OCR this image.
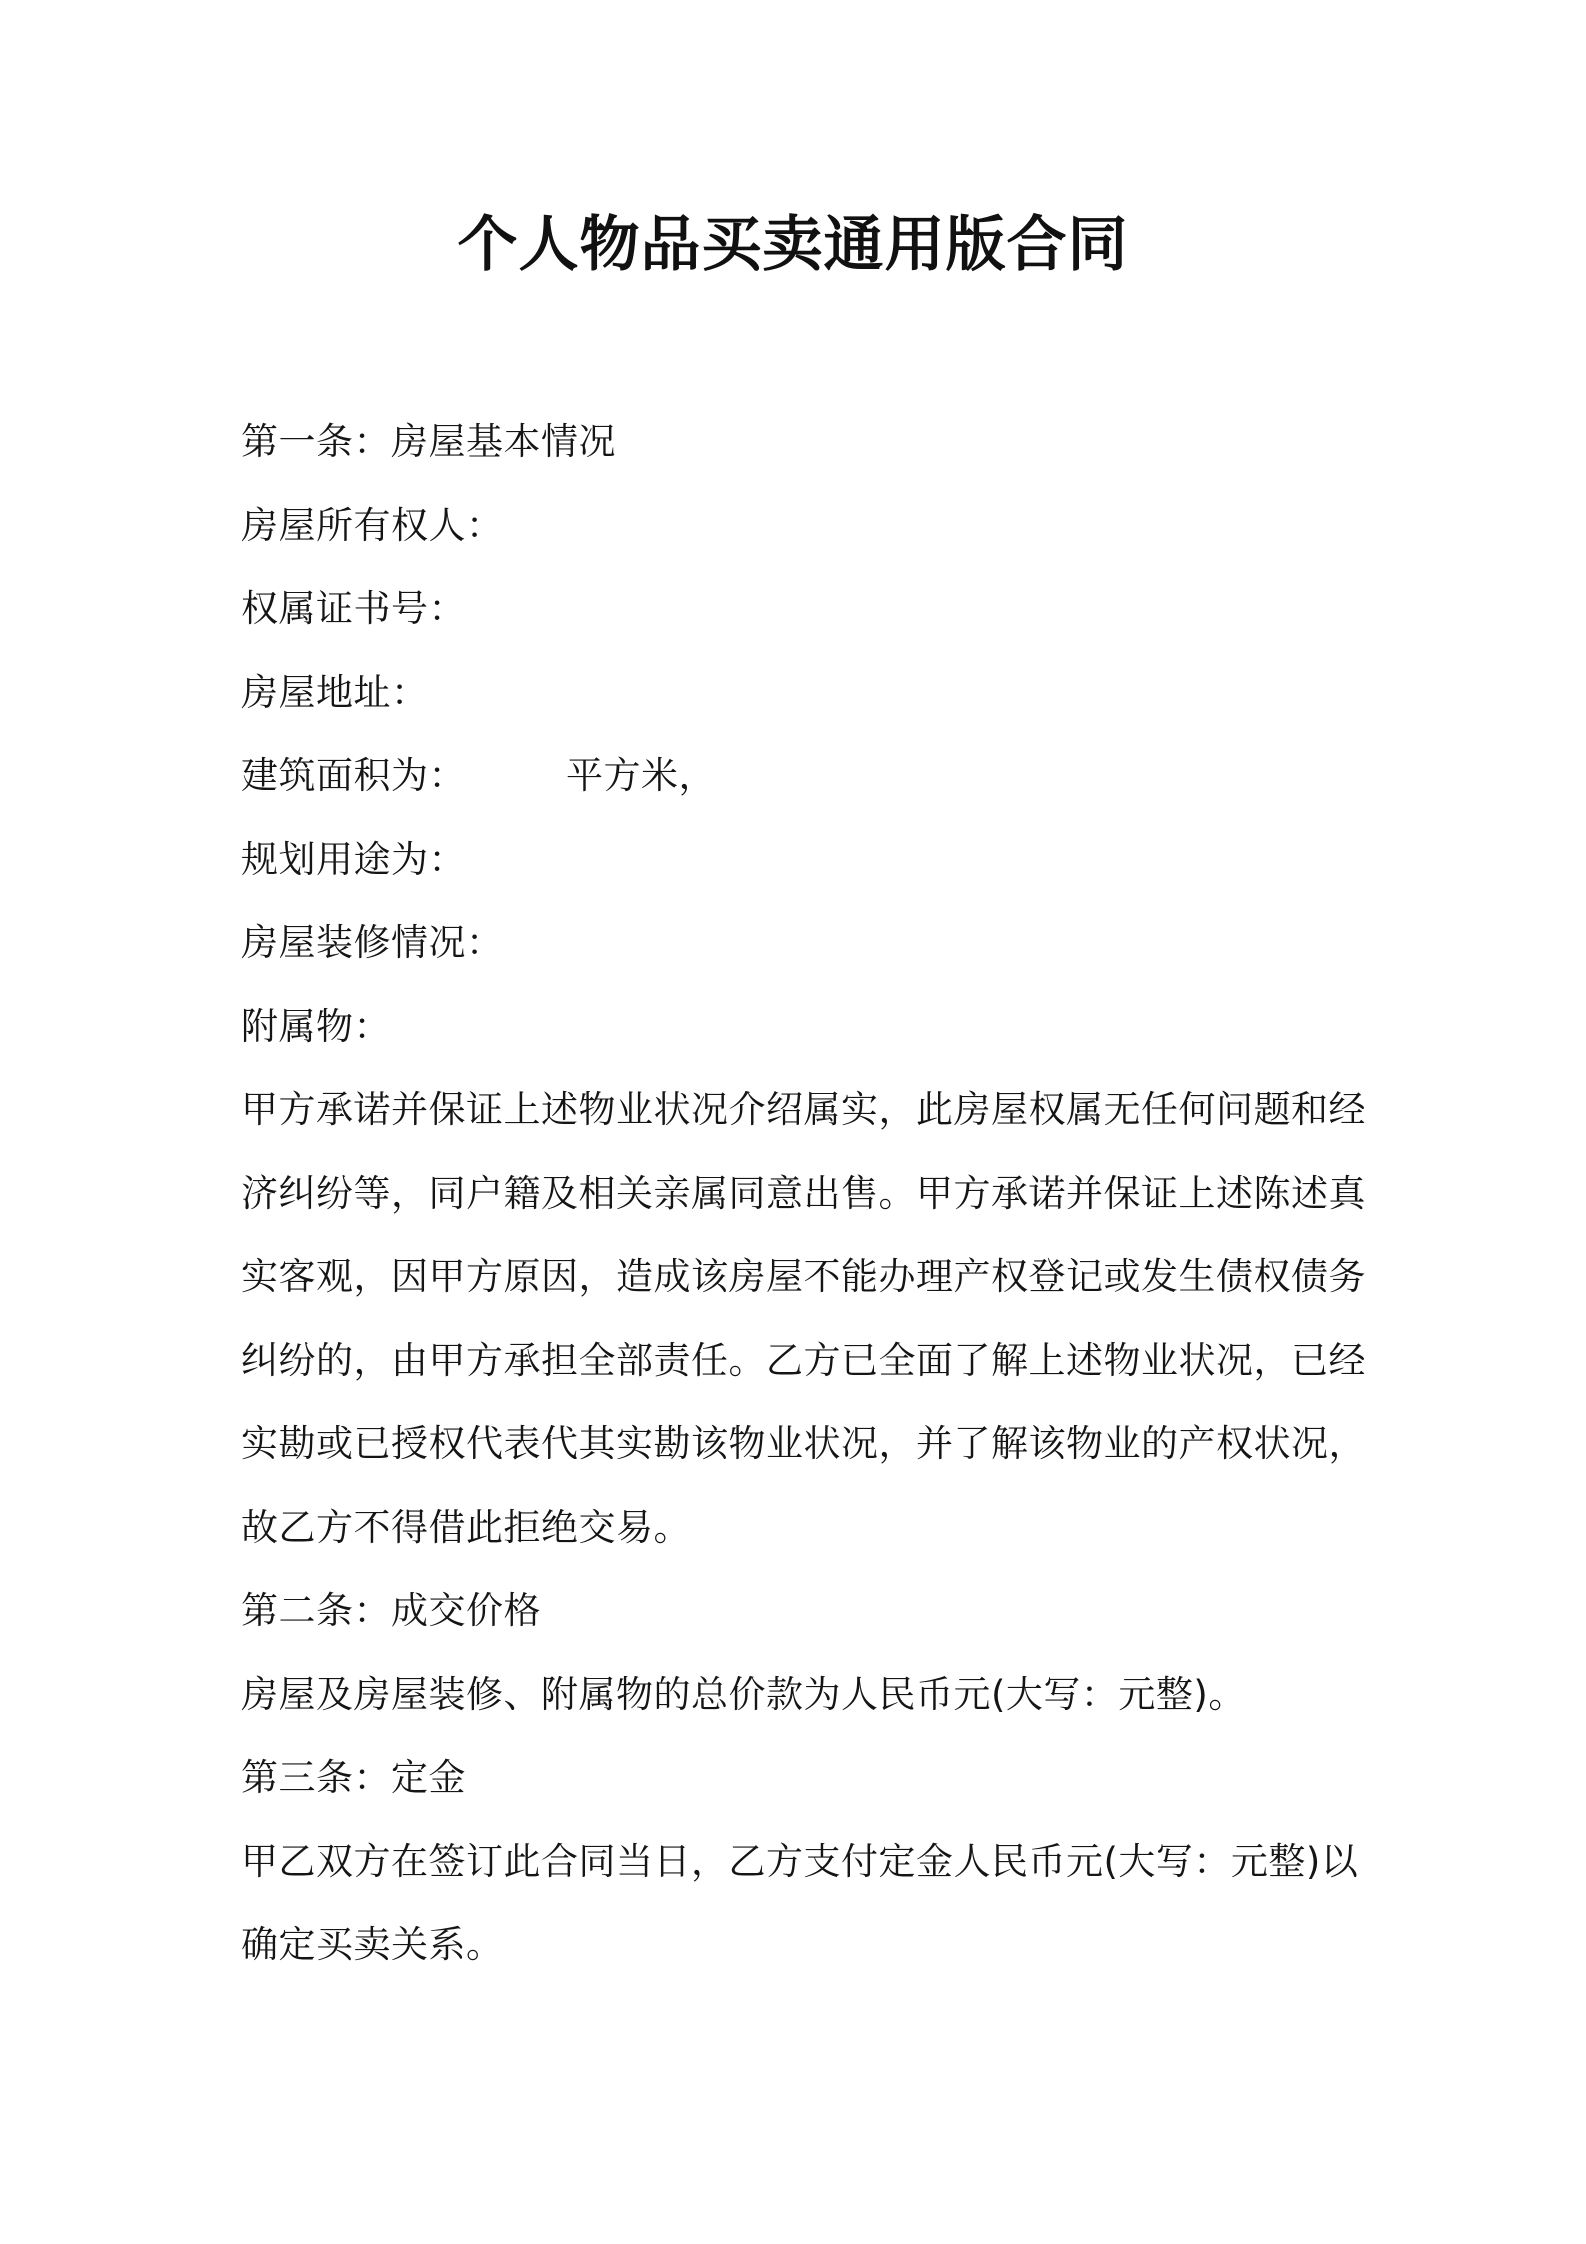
个人物品买卖通用版合同
第一条：房屋基本情况
房屋所有权人：
权属证书号：
房屋地址：
建筑面积为：	平方米，
规划用途为：
房屋装修情况：
附属物：
甲方承诺并保证上述物业状况介绍属实，此房屋权属无任何问题和经
济纠纷等，同户籍及相关亲属同意出售。甲方承诺并保证上述陈述真
实客观，因甲方原因，造成该房屋不能办理产权登记或发生债权债务
纠纷的，由甲方承担全部责任。乙方已全面了解上述物业状况，已经
实勘或已授权代表代其实勘该物业状况，并了解该物业的产权状况，
故乙方不得借此拒绝交易。
第二条：成交价格
房屋及房屋装修、附属物的总价款为人民币元(大写：元整)。
第三条：定金
甲乙双方在签订此合同当日，乙方支付定金人民币元(大写：元整)以
确定买卖关系。
